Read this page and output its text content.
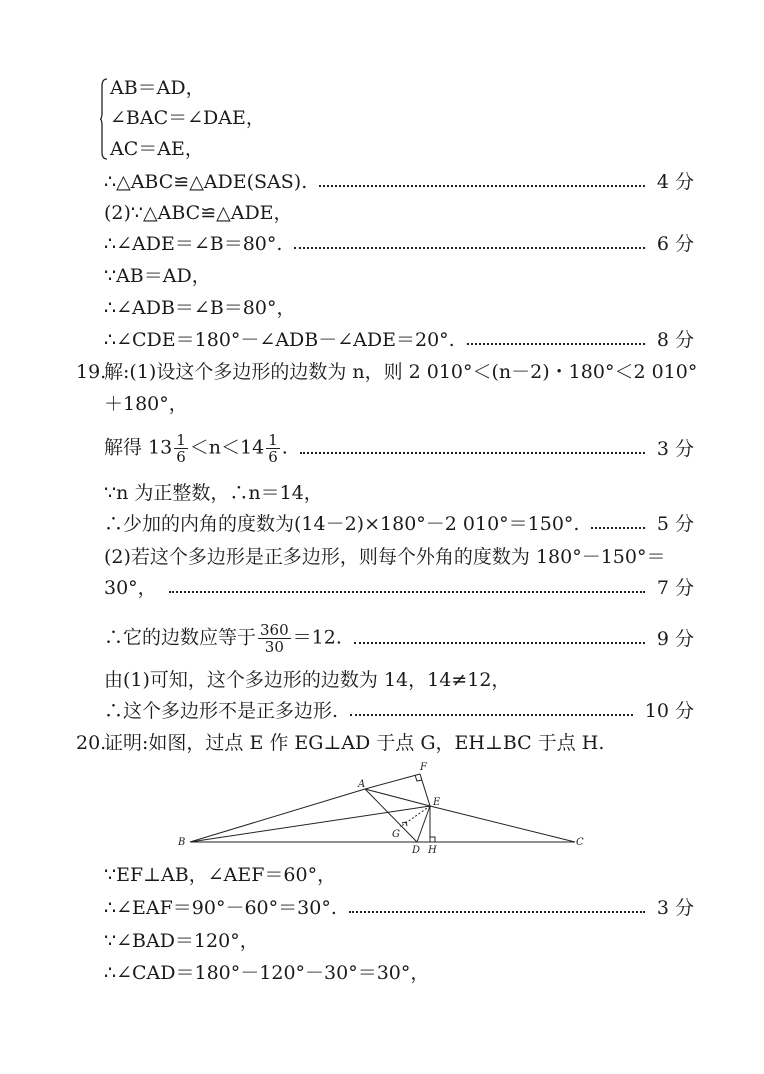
AB＝AD，
∠BAC＝∠DAE，
AC＝AE，
∴△ABC≌△ADE(SAS).	4 分
(2)∵△ABC≌△ADE，
∴∠ADE＝∠B＝80°.	6 分
∵AB＝AD，
∴∠ADB＝∠B＝80°，
∴∠CDE＝180°－∠ADB－∠ADE＝20°.	8 分
19.
解:(1)设这个多边形的边数为 n，则 2 010°＜(n－2)・180°＜2 010°
＋180°，
解得 $13 \frac{1}{6} <n<14 \frac{1}{6}$ .	3 分
∵n 为正整数，∴n＝14，
∴少加的内角的度数为(14－2)×180°－2 010°＝150°.	5 分
(2)若这个多边形是正多边形，则每个外角的度数为 180°－150°＝
30°，	7 分
∴它的边数应等于 $\frac{360}{30} =12$.	9 分
由(1)可知，这个多边形的边数为 14，14≠12，
∴这个多边形不是正多边形.	10 分
20.
证明:如图，过点 E 作 EG⊥AD 于点 G，EH⊥BC 于点 H.
A
F
E
B
G
D H
C
∵EF⊥AB，∠AEF＝60°，
∴∠EAF＝90°－60°＝30°.	3 分
∵∠BAD＝120°，
∴∠CAD＝180°－120°－30°＝30°，
